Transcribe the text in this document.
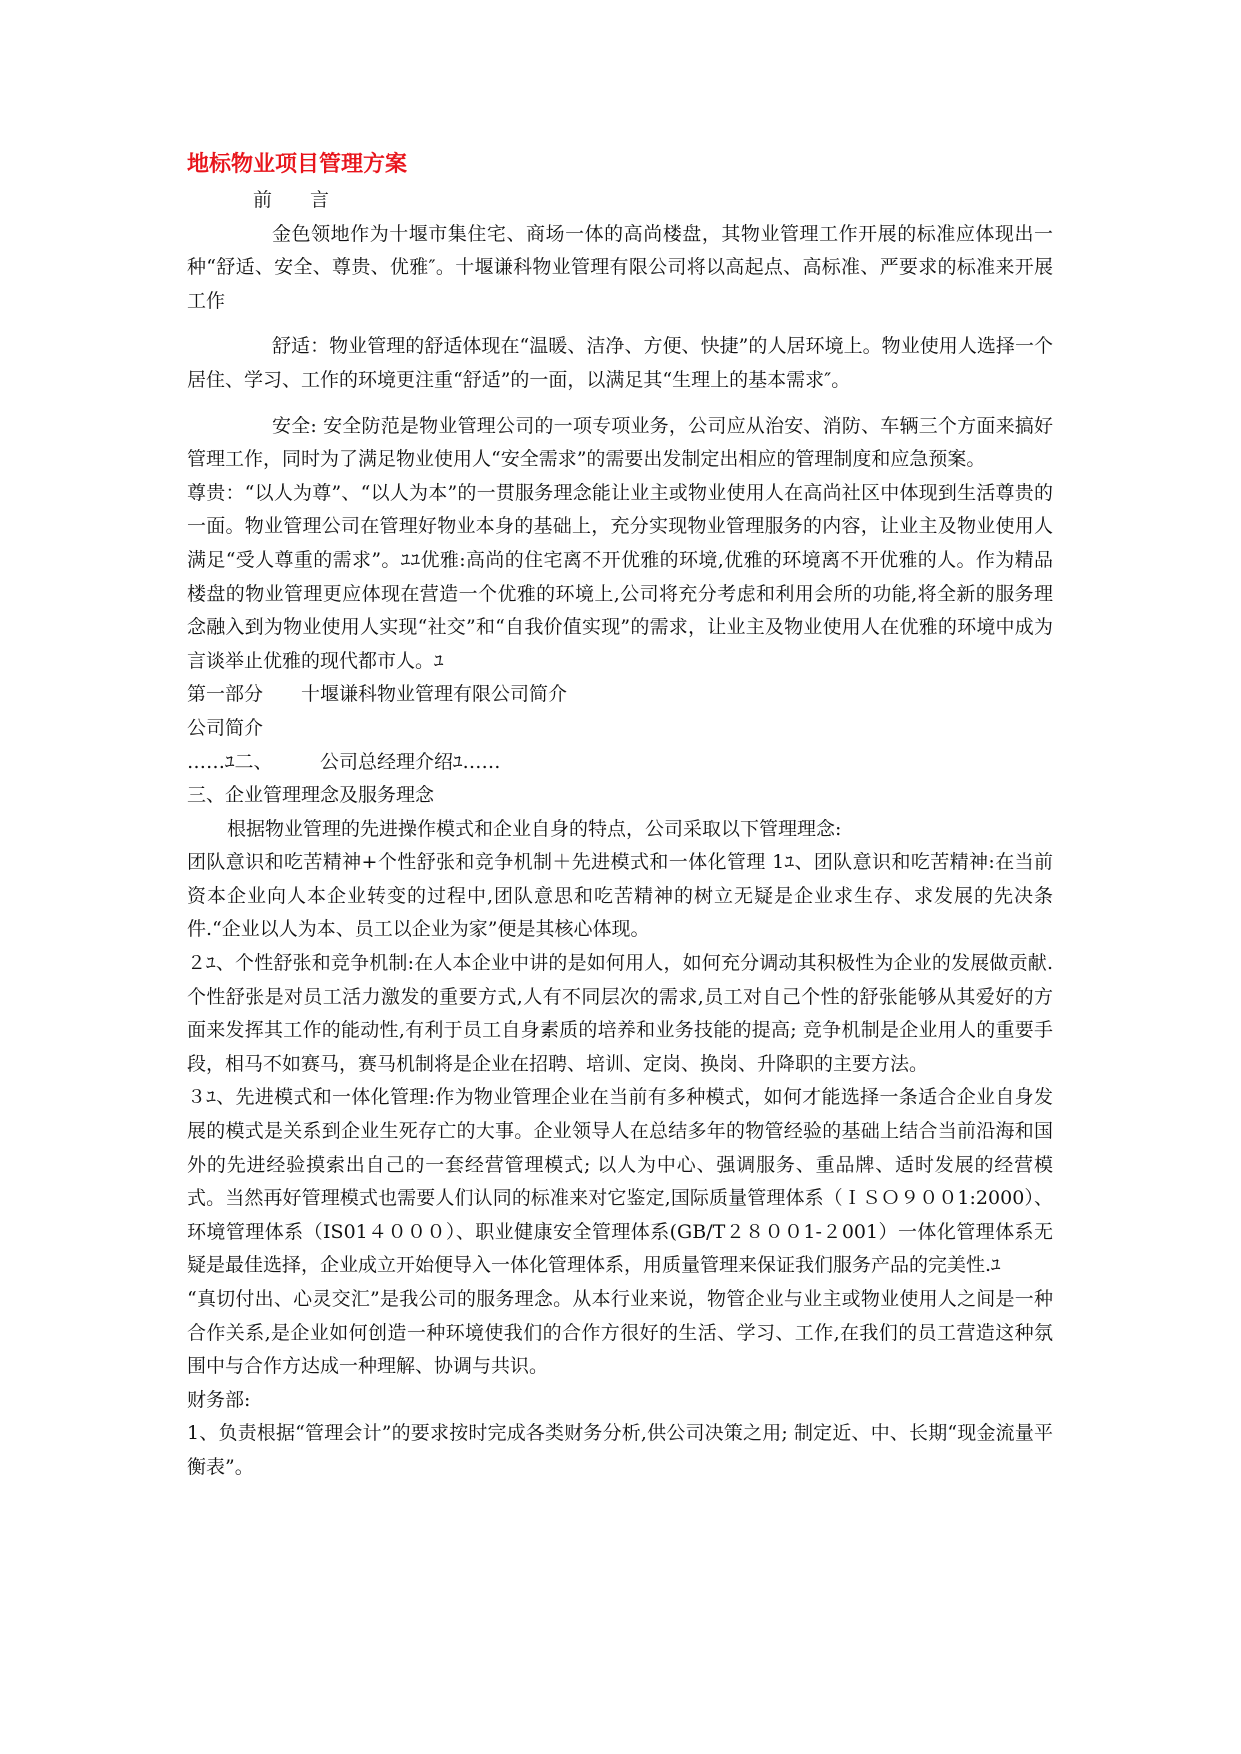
地标物业项目管理方案

前　　言

金色领地作为十堰市集住宅、商场一体的高尚楼盘，其物业管理工作开展的标准应体现出一种“舒适、安全、尊贵、优雅″。十堰谦科物业管理有限公司将以高起点、高标准、严要求的标准来开展工作

舒适：物业管理的舒适体现在“温暖、洁净、方便、快捷”的人居环境上。物业使用人选择一个居住、学习、工作的环境更注重“舒适”的一面，以满足其“生理上的基本需求″。

安全: 安全防范是物业管理公司的一项专项业务，公司应从治安、消防、车辆三个方面来搞好管理工作，同时为了满足物业使用人“安全需求”的需要出发制定出相应的管理制度和应急预案。

尊贵：“以人为尊”、“以人为本”的一贯服务理念能让业主或物业使用人在高尚社区中体现到生活尊贵的一面。物业管理公司在管理好物业本身的基础上，充分实现物业管理服务的内容，让业主及物业使用人满足“受人尊重的需求”。ﾕﾕ优雅:高尚的住宅离不开优雅的环境,优雅的环境离不开优雅的人。作为精品楼盘的物业管理更应体现在营造一个优雅的环境上,公司将充分考虑和利用会所的功能,将全新的服务理念融入到为物业使用人实现“社交”和“自我价值实现”的需求，让业主及物业使用人在优雅的环境中成为言谈举止优雅的现代都市人。ﾕ

第一部分　　十堰谦科物业管理有限公司简介

公司简介

……ﾕ二、　　　公司总经理介绍ﾕ……

三、企业管理理念及服务理念

根据物业管理的先进操作模式和企业自身的特点，公司采取以下管理理念:

团队意识和吃苦精神+个性舒张和竞争机制＋先进模式和一体化管理 1ﾕ、团队意识和吃苦精神:在当前资本企业向人本企业转变的过程中,团队意思和吃苦精神的树立无疑是企业求生存、求发展的先决条件.“企业以人为本、员工以企业为家”便是其核心体现。

２ﾕ、个性舒张和竞争机制:在人本企业中讲的是如何用人，如何充分调动其积极性为企业的发展做贡献.个性舒张是对员工活力激发的重要方式,人有不同层次的需求,员工对自己个性的舒张能够从其爱好的方面来发挥其工作的能动性,有利于员工自身素质的培养和业务技能的提高; 竞争机制是企业用人的重要手段，相马不如赛马，赛马机制将是企业在招聘、培训、定岗、换岗、升降职的主要方法。

３ﾕ、先进模式和一体化管理:作为物业管理企业在当前有多种模式，如何才能选择一条适合企业自身发展的模式是关系到企业生死存亡的大事。企业领导人在总结多年的物管经验的基础上结合当前沿海和国外的先进经验摸索出自己的一套经营管理模式; 以人为中心、强调服务、重品牌、适时发展的经营模式。当然再好管理模式也需要人们认同的标准来对它鉴定,国际质量管理体系（ＩＳＯ９００1:2000）、环境管理体系（IS01４０００）、职业健康安全管理体系(GB/T２８００1-２001）一体化管理体系无疑是最佳选择，企业成立开始便导入一体化管理体系，用质量管理来保证我们服务产品的完美性.ﾕ

“真切付出、心灵交汇”是我公司的服务理念。从本行业来说，物管企业与业主或物业使用人之间是一种合作关系,是企业如何创造一种环境使我们的合作方很好的生活、学习、工作,在我们的员工营造这种氛围中与合作方达成一种理解、协调与共识。

财务部:

1、负责根据“管理会计”的要求按时完成各类财务分析,供公司决策之用; 制定近、中、长期“现金流量平衡表”。
